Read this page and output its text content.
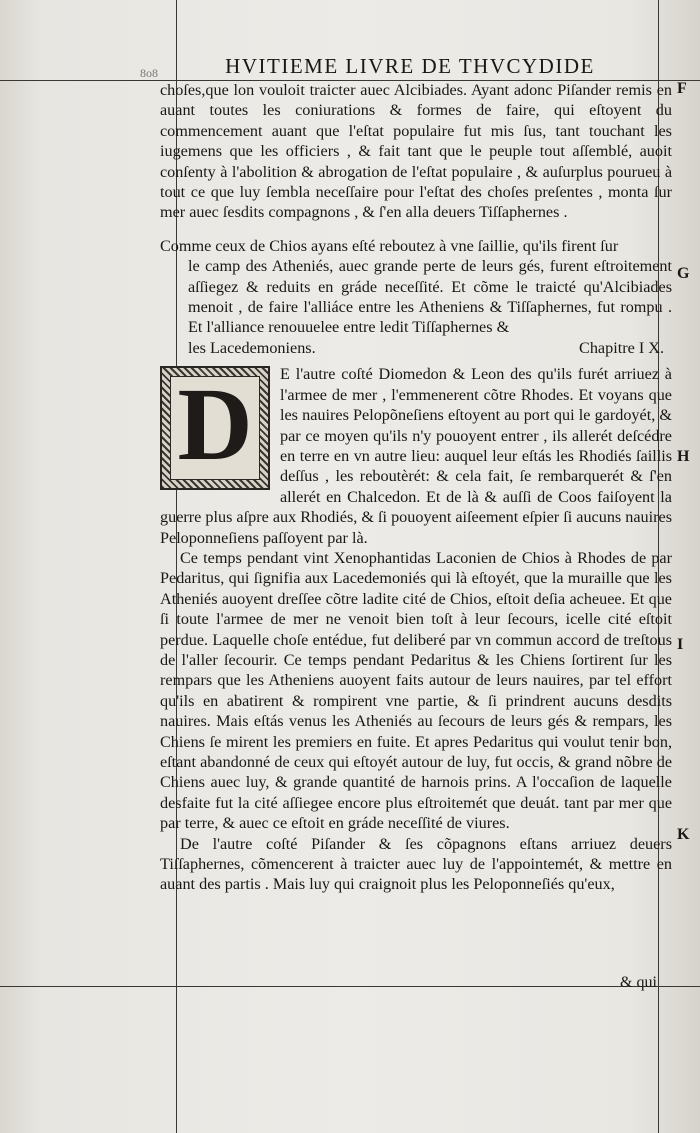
8o8	HVITIEME LIVRE DE THVCYDIDE
F
G
H
I
K

choſes,que lon vouloit traicter auec Alcibiades. Ayant adonc Piſander remis en auant toutes les coniurations & formes de faire, qui eſtoyent du commencement auant que l'eſtat populaire fut mis ſus, tant touchant les iugemens que les officiers , & fait tant que le peuple tout aſſemblé, auoit conſenty à l'abolition & abrogation de l'eſtat populaire , & auſurplus pourueu à tout ce que luy ſembla neceſſaire pour l'eſtat des choſes preſentes , monta ſur mer auec ſesdits compagnons , & ſ'en alla deuers Tiſſaphernes .

Comme ceux de Chios ayans eſté reboutez à vne ſaillie, qu'ils firent ſur
le camp des Atheniés, auec grande perte de leurs gés, furent eſtroitement aſſiegez & reduits en gráde neceſſité. Et cõme le traicté qu'Alcibiades menoit , de faire l'alliáce entre les Atheniens & Tiſſaphernes, fut rompu . Et l'alliance renouuelee entre ledit Tiſſaphernes &
les Lacedemoniens.	Chapitre I X.

D	E l'autre coſté Diomedon & Leon des qu'ils furét arriuez à l'armee de mer , l'emmenerent cõtre Rhodes. Et voyans que les nauires Pelopõneſiens eſtoyent au port qui le gardoyét, & par ce moyen qu'ils n'y pouoyent entrer , ils allerét deſcédre en terre en vn autre lieu: auquel leur eſtás les Rhodiés ſaillis deſſus , les reboutèrét: & cela fait, ſe rembarquerét & ſ'en allerét en Chalcedon. Et de là & auſſi de Coos faiſoyent la guerre plus aſpre aux Rhodiés, & ſi pouoyent aiſeement eſpier ſi aucuns nauires Peloponneſiens paſſoyent par là.

Ce temps pendant vint Xenophantidas Laconien de Chios à Rhodes de par Pedaritus, qui ſignifia aux Lacedemoniés qui là eſtoyét, que la muraille que les Atheniés auoyent dreſſee cõtre ladite cité de Chios, eſtoit deſia acheuee. Et que ſi toute l'armee de mer ne venoit bien toſt à leur ſecours, icelle cité eſtoit perdue. Laquelle choſe entédue, fut deliberé par vn commun accord de treſtous de l'aller ſecourir. Ce temps pendant Pedaritus & les Chiens ſortirent ſur les rempars que les Atheniens auoyent faits autour de leurs nauires, par tel effort qu'ils en abatirent & rompirent vne partie, & ſi prindrent aucuns desdits nauires. Mais eſtás venus les Atheniés au ſecours de leurs gés & rempars, les Chiens ſe mirent les premiers en fuite. Et apres Pedaritus qui voulut tenir bon, eſtant abandonné de ceux qui eſtoyét autour de luy, fut occis, & grand nõbre de Chiens auec luy, & grande quantité de harnois prins. A l'occaſion de laquelle desfaite fut la cité aſſiegee encore plus eſtroitemét que deuát. tant par mer que par terre, & auec ce eſtoit en gráde neceſſité de viures.

De l'autre coſté Piſander & ſes cõpagnons eſtans arriuez deuers Tiſſaphernes, cõmencerent à traicter auec luy de l'appointemét, & mettre en auant des partis . Mais luy qui craignoit plus les Peloponneſiés qu'eux,

& qui
